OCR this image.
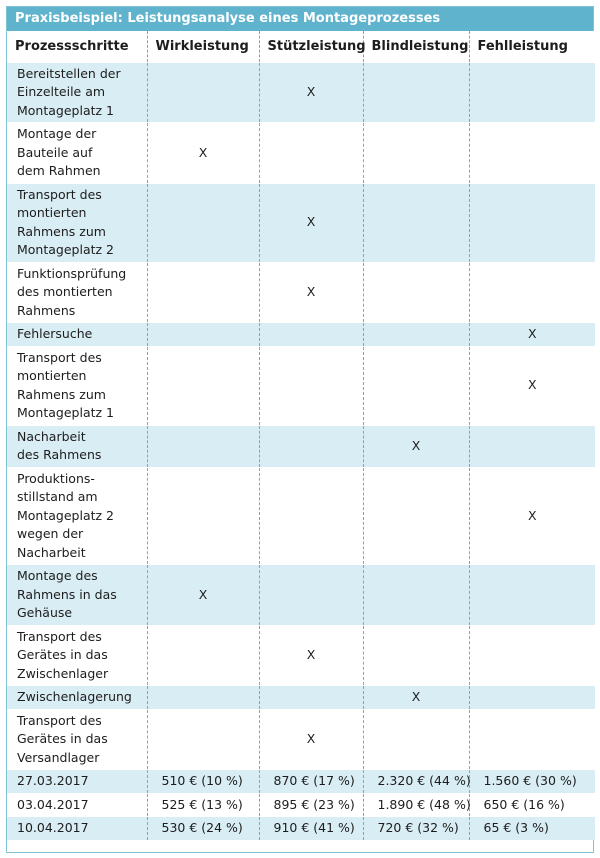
Praxisbeispiel: Leistungsanalyse eines Montageprozesses
Prozessschritte	Wirkleistung	Stützleistung	Blindleistung	Fehlleistung
Bereitstellen der
Einzelteile am
Montageplatz 1		X		
Montage der
Bauteile auf
dem Rahmen	X			
Transport des
montierten
Rahmens zum
Montageplatz 2		X		
Funktionsprüfung
des montierten
Rahmens		X		
Fehlersuche				X
Transport des
montierten
Rahmens zum
Montageplatz 1				X
Nacharbeit
des Rahmens			X	
Produktions-
stillstand am
Montageplatz 2
wegen der
Nacharbeit				X
Montage des
Rahmens in das
Gehäuse	X			
Transport des
Gerätes in das
Zwischenlager		X		
Zwischenlagerung			X	
Transport des
Gerätes in das
Versandlager		X		
27.03.2017	510 € (10 %)	870 € (17 %)	2.320 € (44 %)	1.560 € (30 %)
03.04.2017	525 € (13 %)	895 € (23 %)	1.890 € (48 %)	650 € (16 %)
10.04.2017	530 € (24 %)	910 € (41 %)	720 € (32 %)	65 € (3 %)
